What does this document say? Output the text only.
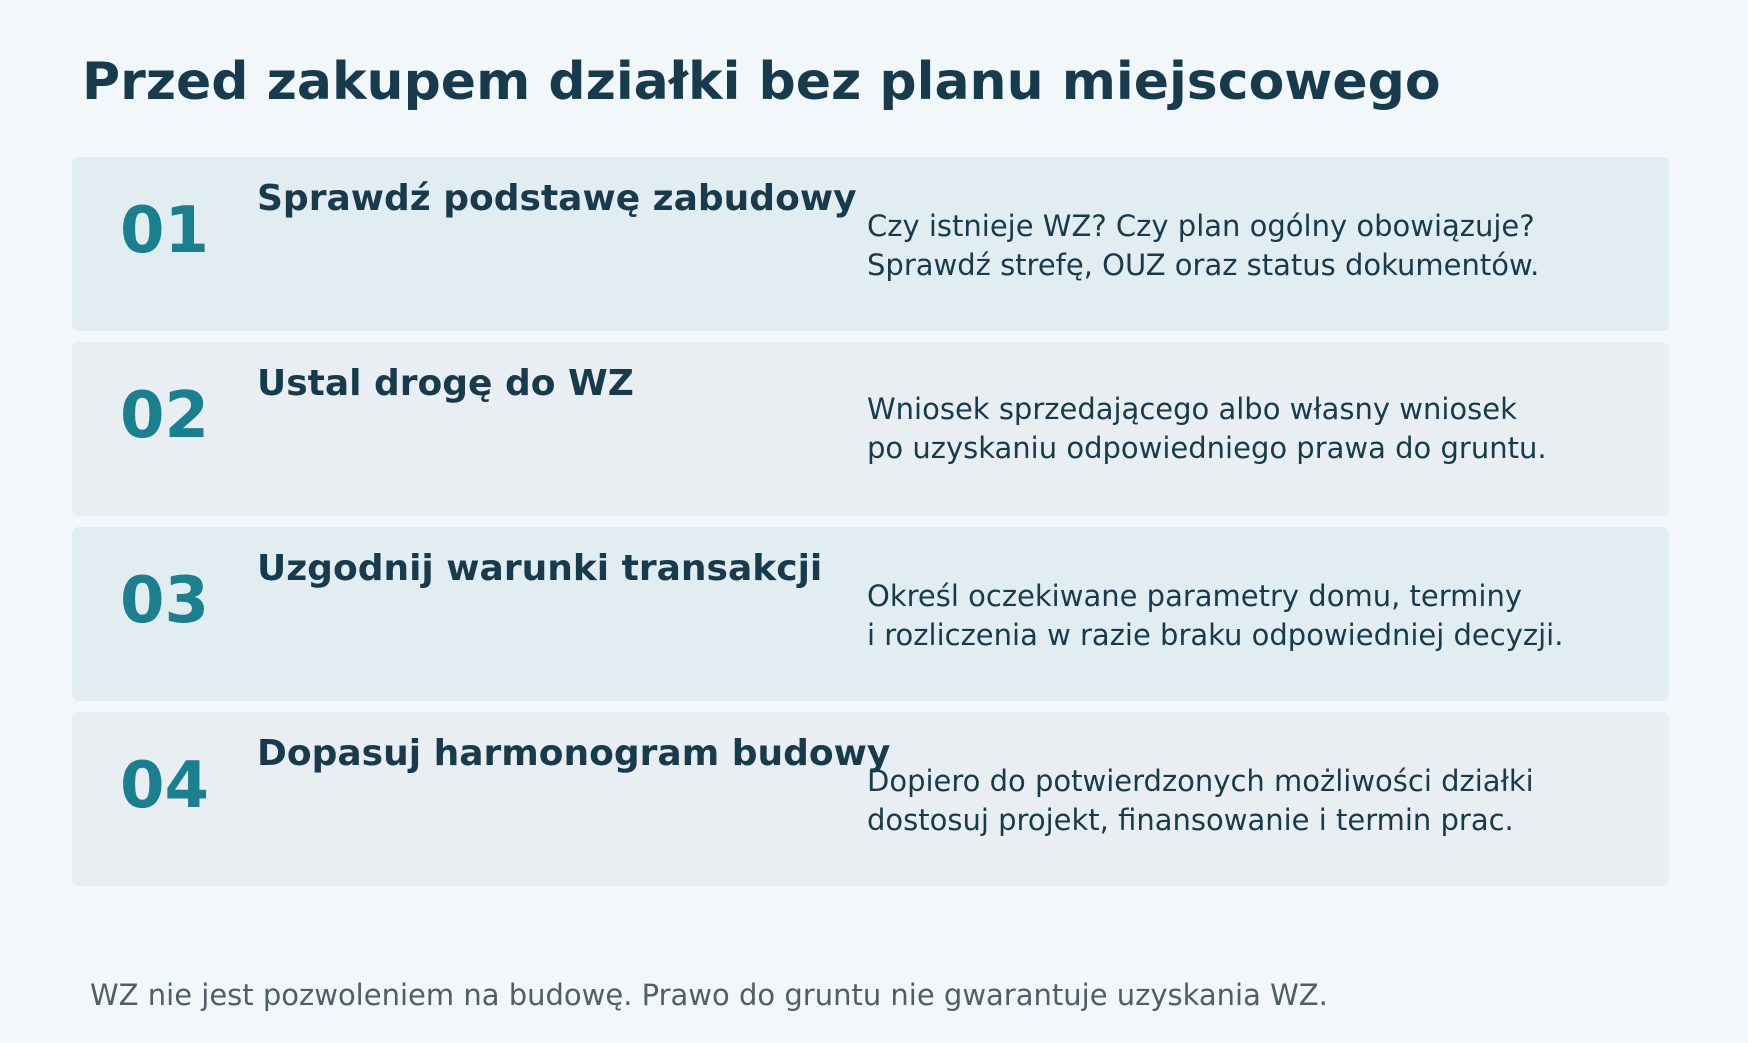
Przed zakupem działki bez planu miejscowego
01 Sprawdź podstawę zabudowy
Czy istnieje WZ? Czy plan ogólny obowiązuje?
Sprawdź strefę, OUZ oraz status dokumentów.
02 Ustal drogę do WZ
Wniosek sprzedającego albo własny wniosek
po uzyskaniu odpowiedniego prawa do gruntu.
03 Uzgodnij warunki transakcji
Określ oczekiwane parametry domu, terminy
i rozliczenia w razie braku odpowiedniej decyzji.
04 Dopasuj harmonogram budowy
Dopiero do potwierdzonych możliwości działki
dostosuj projekt, finansowanie i termin prac.

WZ nie jest pozwoleniem na budowę. Prawo do gruntu nie gwarantuje uzyskania WZ.
